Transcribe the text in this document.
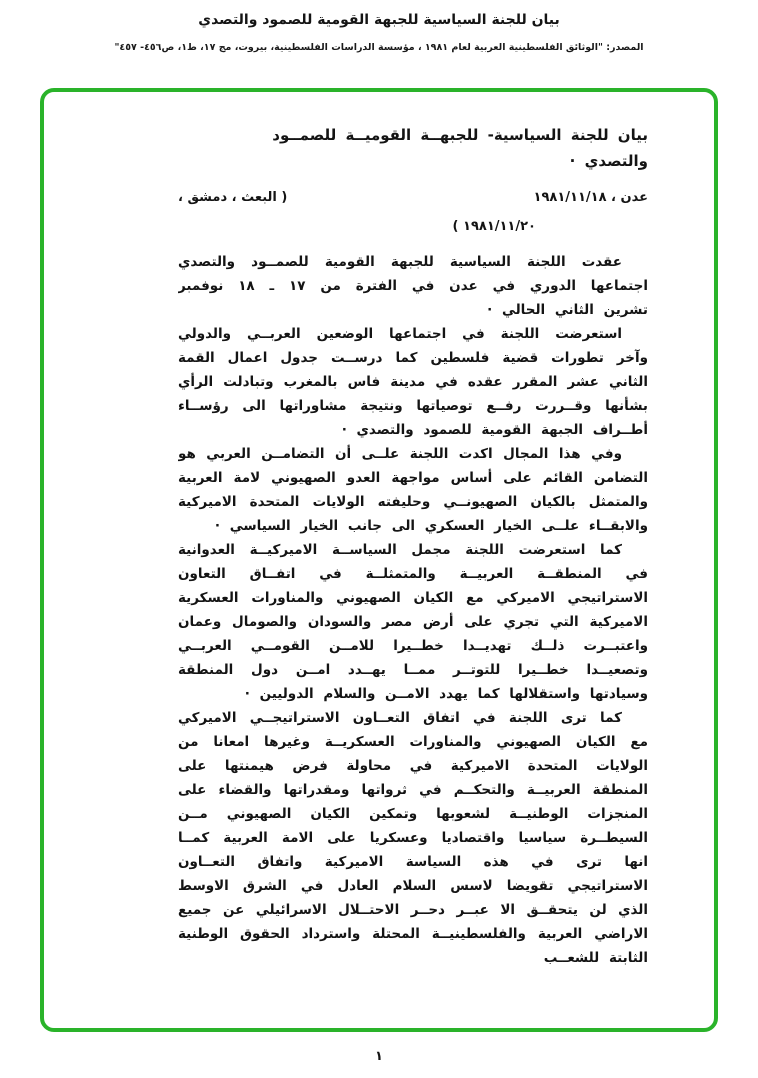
بيان للجنة السياسية للجبهة القومية للصمود والتصدي
المصدر: "الوثائق الفلسطينية العربية لعام ١٩٨١ ، مؤسسة الدراسات الفلسطينية، بيروت، مج ١٧، ط١، ص٤٥٦- ٤٥٧"
بيان للجنة السياسية- للجبهــة القوميــة للصمــود
والتصدي ·
عدن ، ١٩٨١/١١/١٨
( البعث ، دمشق ،
١٩٨١/١١/٢٠ )

عقدت اللجنة السياسية للجبهة القومية للصمــود والتصدي اجتماعها الدوري في عدن في الفترة من ١٧ ـ ١٨ نوفمبر تشرين الثاني الحالي ·

استعرضت اللجنة في اجتماعها الوضعين العربــي والدولي وآخر تطورات قضية فلسطين كما درســت جدول اعمال القمة الثاني عشر المقرر عقده في مدينة فاس بالمغرب وتبادلت الرأي بشأنها وقــررت رفــع توصياتها ونتيجة مشاوراتها الى رؤســاء أطــراف الجبهة القومية للصمود والتصدي ·

وفي هذا المجال اكدت اللجنة علــى أن التضامــن العربي هو التضامن القائم على أساس مواجهة العدو الصهيوني لامة العربية والمتمثل بالكيان الصهيونــي وحليفته الولايات المتحدة الاميركية والابقــاء علــى الخيار العسكري الى جانب الخيار السياسي ·

كما استعرضت اللجنة مجمل السياســة الاميركيــة العدوانية في المنطقــة العربيــة والمتمثلــة في اتفــاق التعاون الاستراتيجي الاميركي مع الكيان الصهيوني والمناورات العسكرية الاميركية التي تجري على أرض مصر والسودان والصومال وعمان واعتبــرت ذلــك تهديــدا خطــيرا للامــن القومــي العربــي وتصعيــدا خطــيرا للتوتــر ممــا يهــدد امــن دول المنطقة وسيادتها واستقلالها كما يهدد الامــن والسلام الدوليين ·

كما ترى اللجنة في اتفاق التعــاون الاستراتيجــي الاميركي مع الكيان الصهيوني والمناورات العسكريــة وغيرها امعانا من الولايات المتحدة الاميركية في محاولة فرض هيمنتها على المنطقة العربيــة والتحكــم في ثرواتها ومقدراتها والقضاء على المنجزات الوطنيــة لشعوبها وتمكين الكيان الصهيوني مــن السيطــرة سياسيا واقتصاديا وعسكريا على الامة العربية كمــا انها ترى في هذه السياسة الاميركية واتفاق التعــاون الاستراتيجي تقويضا لاسس السلام العادل في الشرق الاوسط الذي لن يتحقــق الا عبــر دحــر الاحتــلال الاسرائيلي عن جميع الاراضي العربية والفلسطينيــة المحتلة واسترداد الحقوق الوطنية الثابتة للشعــب

١
